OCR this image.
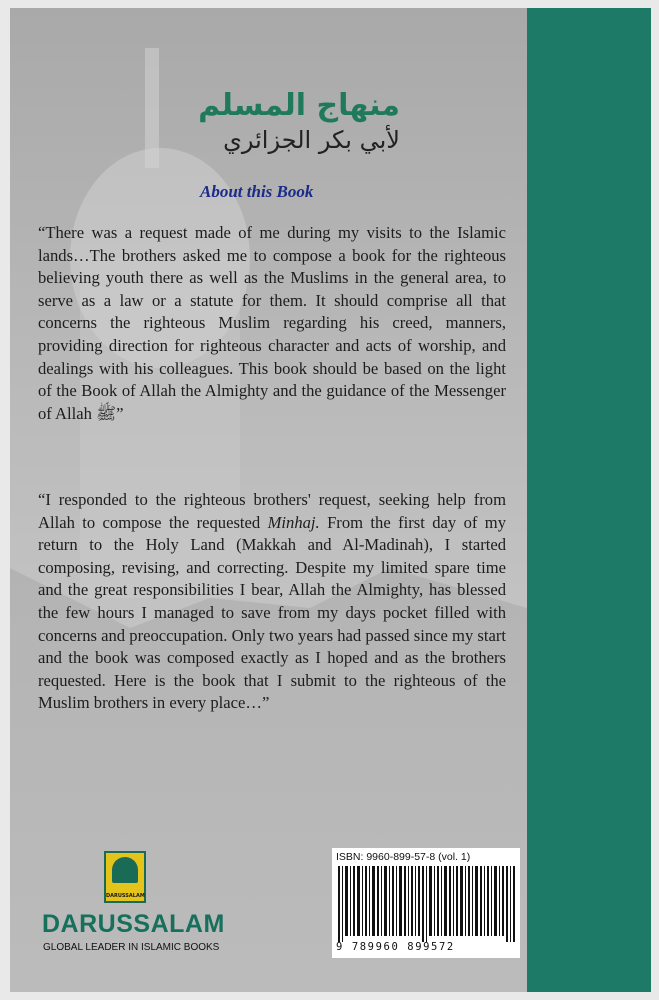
منهاج المسلم
لأبي بكر الجزائري
About this Book
“There was a request made of me during my visits to the Islamic lands…The brothers asked me to compose a book for the righteous believing youth there as well as the Muslims in the general area, to serve as a law or a statute for them. It should comprise all that concerns the righteous Muslim regarding his creed, manners, providing direction for righteous character and acts of worship, and dealings with his colleagues. This book should be based on the light of the Book of Allah the Almighty and the guidance of the Messenger of Allah ﷺ”
“I responded to the righteous brothers' request, seeking help from Allah to compose the requested Minhaj. From the first day of my return to the Holy Land (Makkah and Al-Madinah), I started composing, revising, and correcting. Despite my limited spare time and the great responsibilities I bear, Allah the Almighty, has blessed the few hours I managed to save from my days pocket filled with concerns and preoccupation. Only two years had passed since my start and the book was composed exactly as I hoped and as the brothers requested. Here is the book that I submit to the righteous of the Muslim brothers in every place…”
DARUSSALAM
DARUSSALAM
GLOBAL LEADER IN ISLAMIC BOOKS
ISBN: 9960-899-57-8 (vol. 1)
9 789960 899572
